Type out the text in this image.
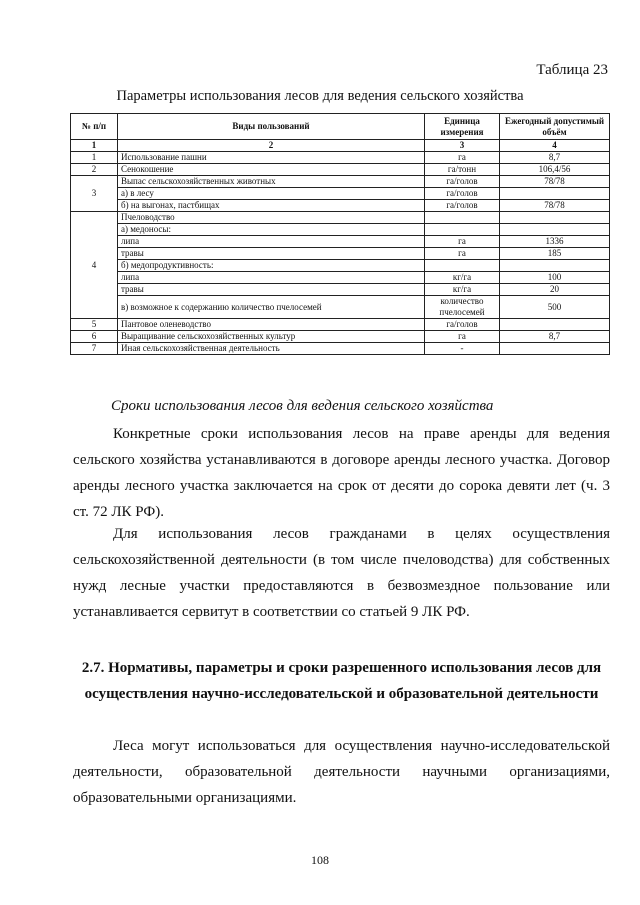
Таблица 23
Параметры использования лесов для ведения сельского хозяйства
№ п/п	Виды пользований	Единица измерения	Ежегодный допустимый объём
1	2	3	4
1	Использование пашни	га	8,7
2	Сенокошение	га/тонн	106,4/56
3	Выпас сельскохозяйственных животных	га/голов	78/78
	а) в лесу	га/голов	
	б) на выгонах, пастбищах	га/голов	78/78
4	Пчеловодство		
	а) медоносы:		
	липа	га	1336
	травы	га	185
	б) медопродуктивность:		
	липа	кг/га	100
	травы	кг/га	20
	в) возможное к содержанию количество пчелосемей	количество пчелосемей	500
5	Пантовое оленеводство	га/голов	
6	Выращивание сельскохозяйственных культур	га	8,7
7	Иная сельскохозяйственная деятельность	-	
Сроки использования лесов для ведения сельского хозяйства

Конкретные сроки использования лесов на праве аренды для ведения сельского хозяйства устанавливаются в договоре аренды лесного участка. Договор аренды лесного участка заключается на срок от десяти до сорока девяти лет (ч. 3 ст. 72 ЛК РФ).

Для использования лесов гражданами в целях осуществления сельскохозяйственной деятельности (в том числе пчеловодства) для собственных нужд лесные участки предоставляются в безвозмездное пользование или устанавливается сервитут в соответствии со статьей 9 ЛК РФ.

2.7. Нормативы, параметры и сроки разрешенного использования лесов для осуществления научно-исследовательской и образовательной деятельности

Леса могут использоваться для осуществления научно-исследовательской деятельности, образовательной деятельности научными организациями, образовательными организациями.

108
